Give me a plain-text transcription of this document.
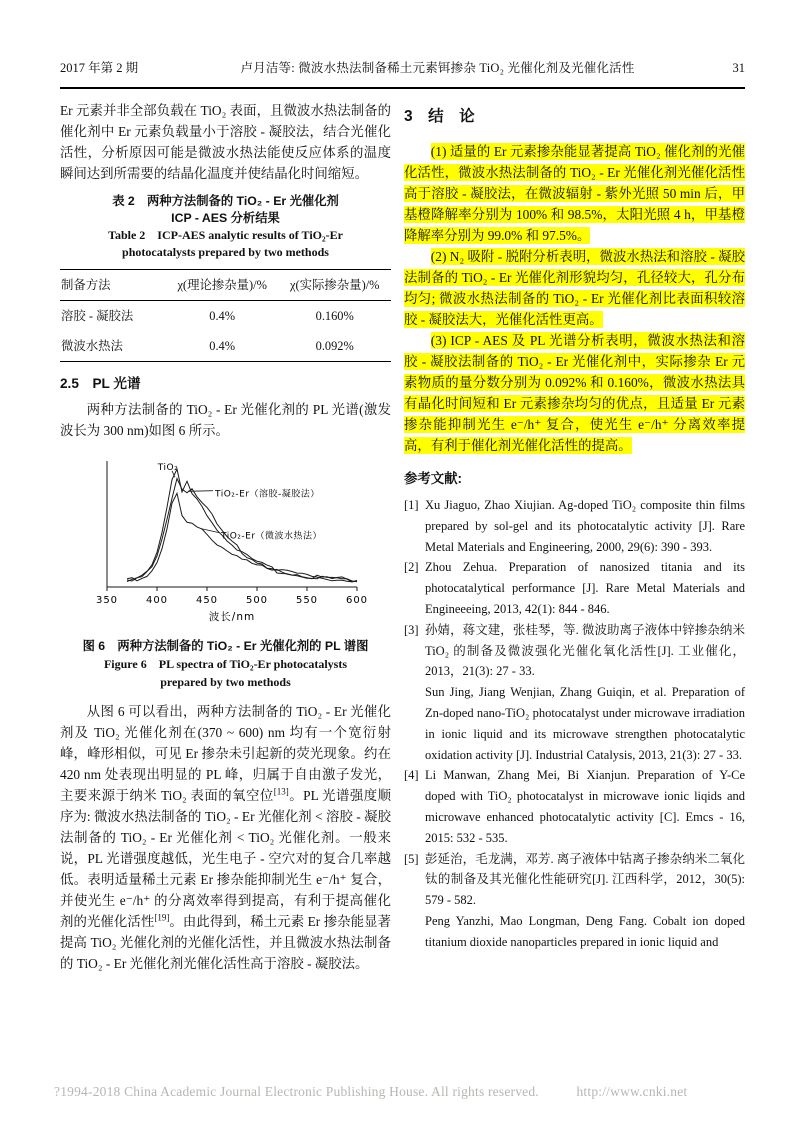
2017 年第 2 期	卢月洁等: 微波水热法制备稀土元素铒掺杂 TiO₂ 光催化剂及光催化活性	31

Er 元素并非全部负载在 TiO₂ 表面，且微波水热法制备的催化剂中 Er 元素负载量小于溶胶 - 凝胶法，结合光催化活性，分析原因可能是微波水热法能使反应体系的温度瞬间达到所需要的结晶化温度并使结晶化时间缩短。

表 2　两种方法制备的 TiO₂ - Er 光催化剂
ICP - AES 分析结果
Table 2　ICP-AES analytic results of TiO₂-Er
photocatalysts prepared by two methods
制备方法	χ(理论掺杂量)/%	χ(实际掺杂量)/%
溶胶 - 凝胶法	0.4%	0.160%
微波水热法	0.4%	0.092%
2.5　PL 光谱

两种方法制备的 TiO₂ - Er 光催化剂的 PL 光谱(激发波长为 300 nm)如图 6 所示。

350	400	450	500	550	600
波长/nm
TiO₂
TiO₂-Er（溶胶-凝胶法）
TiO₂-Er（微波水热法）
图 6　两种方法制备的 TiO₂ - Er 光催化剂的 PL 谱图
Figure 6　PL spectra of TiO₂-Er photocatalysts
prepared by two methods

从图 6 可以看出，两种方法制备的 TiO₂ - Er 光催化剂及 TiO₂ 光催化剂在(370 ~ 600) nm 均有一个宽衍射峰，峰形相似，可见 Er 掺杂未引起新的荧光现象。约在 420 nm 处表现出明显的 PL 峰，归属于自由激子发光，主要来源于纳米 TiO₂ 表面的氧空位[13]。PL 光谱强度顺序为: 微波水热法制备的 TiO₂ - Er 光催化剂 < 溶胶 - 凝胶法制备的 TiO₂ - Er 光催化剂 < TiO₂ 光催化剂。一般来说，PL 光谱强度越低，光生电子 - 空穴对的复合几率越低。表明适量稀土元素 Er 掺杂能抑制光生 e⁻/h⁺ 复合，并使光生 e⁻/h⁺ 的分离效率得到提高，有利于提高催化剂的光催化活性[19]。由此得到，稀土元素 Er 掺杂能显著提高 TiO₂ 光催化剂的光催化活性，并且微波水热法制备的 TiO₂ - Er 光催化剂光催化活性高于溶胶 - 凝胶法。

3　结　论

(1) 适量的 Er 元素掺杂能显著提高 TiO₂ 催化剂的光催化活性，微波水热法制备的 TiO₂ - Er 光催化剂光催化活性高于溶胶 - 凝胶法，在微波辐射 - 紫外光照 50 min 后，甲基橙降解率分别为 100% 和 98.5%，太阳光照 4 h，甲基橙降解率分别为 99.0% 和 97.5%。

(2) N₂ 吸附 - 脱附分析表明，微波水热法和溶胶 - 凝胶法制备的 TiO₂ - Er 光催化剂形貌均匀，孔径较大，孔分布均匀; 微波水热法制备的 TiO₂ - Er 光催化剂比表面积较溶胶 - 凝胶法大，光催化活性更高。

(3) ICP - AES 及 PL 光谱分析表明，微波水热法和溶胶 - 凝胶法制备的 TiO₂ - Er 光催化剂中，实际掺杂 Er 元素物质的量分数分别为 0.092% 和 0.160%，微波水热法具有晶化时间短和 Er 元素掺杂均匀的优点，且适量 Er 元素掺杂能抑制光生 e⁻/h⁺ 复合，使光生 e⁻/h⁺ 分离效率提高，有利于催化剂光催化活性的提高。

参考文献:
[1] Xu Jiaguo, Zhao Xiujian. Ag-doped TiO₂ composite thin films prepared by sol-gel and its photocatalytic activity [J]. Rare Metal Materials and Engineering, 2000, 29(6): 390 - 393.
[2] Zhou Zehua. Preparation of nanosized titania and its photocatalytical performance [J]. Rare Metal Materials and Engineeeing, 2013, 42(1): 844 - 846.
[3] 孙婧，蒋文建，张桂琴，等. 微波助离子液体中锌掺杂纳米 TiO₂ 的制备及微波强化光催化氧化活性[J]. 工业催化，2013，21(3): 27 - 33.
Sun Jing, Jiang Wenjian, Zhang Guiqin, et al. Preparation of Zn-doped nano-TiO₂ photocatalyst under microwave irradiation in ionic liquid and its microwave strengthen photocatalytic oxidation activity [J]. Industrial Catalysis, 2013, 21(3): 27 - 33.
[4] Li Manwan, Zhang Mei, Bi Xianjun. Preparation of Y-Ce doped with TiO₂ photocatalyst in microwave ionic liqids and microwave enhanced photocatalytic activity [C]. Emcs - 16, 2015: 532 - 535.
[5] 彭延治，毛龙满，邓芳. 离子液体中钴离子掺杂纳米二氧化钛的制备及其光催化性能研究[J]. 江西科学，2012，30(5): 579 - 582.
Peng Yanzhi, Mao Longman, Deng Fang. Cobalt ion doped titanium dioxide nanoparticles prepared in ionic liquid and
?1994-2018 China Academic Journal Electronic Publishing House. All rights reserved.	http://www.cnki.net
